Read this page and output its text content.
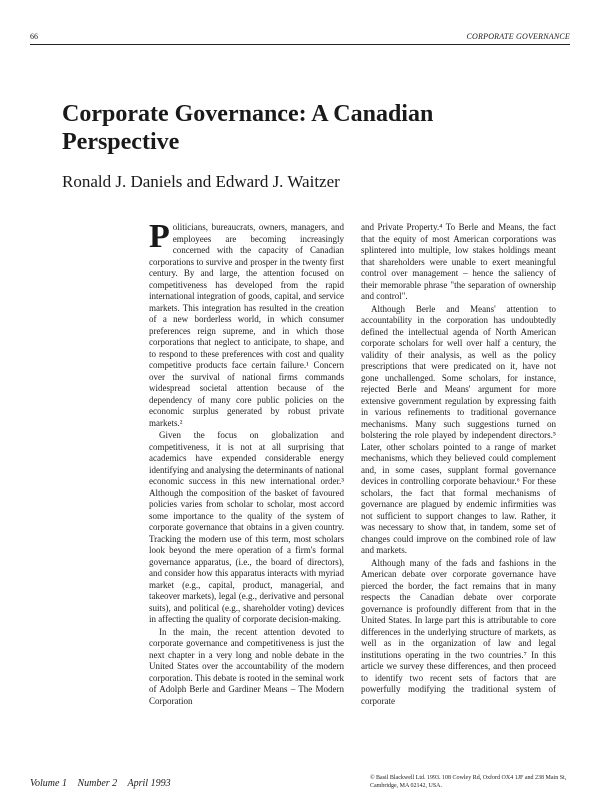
66	CORPORATE GOVERNANCE
Corporate Governance: A Canadian Perspective
Ronald J. Daniels and Edward J. Waitzer

Politicians, bureaucrats, owners, managers, and employees are becoming increasingly concerned with the capacity of Canadian corporations to survive and prosper in the twenty first century. By and large, the attention focused on competitiveness has developed from the rapid international integration of goods, capital, and service markets. This integration has resulted in the creation of a new borderless world, in which consumer preferences reign supreme, and in which those corporations that neglect to anticipate, to shape, and to respond to these preferences with cost and quality competitive products face certain failure.¹ Concern over the survival of national firms commands widespread societal attention because of the dependency of many core public policies on the economic surplus generated by robust private markets.²

Given the focus on globalization and competitiveness, it is not at all surprising that academics have expended considerable energy identifying and analysing the determinants of national economic success in this new international order.³ Although the composition of the basket of favoured policies varies from scholar to scholar, most accord some importance to the quality of the system of corporate governance that obtains in a given country. Tracking the modern use of this term, most scholars look beyond the mere operation of a firm's formal governance apparatus, (i.e., the board of directors), and consider how this apparatus interacts with myriad market (e.g., capital, product, managerial, and takeover markets), legal (e.g., derivative and personal suits), and political (e.g., shareholder voting) devices in affecting the quality of corporate decision-making.

In the main, the recent attention devoted to corporate governance and competitiveness is just the next chapter in a very long and noble debate in the United States over the accountability of the modern corporation. This debate is rooted in the seminal work of Adolph Berle and Gardiner Means – The Modern Corporation

and Private Property.⁴ To Berle and Means, the fact that the equity of most American corporations was splintered into multiple, low stakes holdings meant that shareholders were unable to exert meaningful control over management – hence the saliency of their memorable phrase "the separation of ownership and control".

Although Berle and Means' attention to accountability in the corporation has undoubtedly defined the intellectual agenda of North American corporate scholars for well over half a century, the validity of their analysis, as well as the policy prescriptions that were predicated on it, have not gone unchallenged. Some scholars, for instance, rejected Berle and Means' argument for more extensive government regulation by expressing faith in various refinements to traditional governance mechanisms. Many such suggestions turned on bolstering the role played by independent directors.⁵ Later, other scholars pointed to a range of market mechanisms, which they believed could complement and, in some cases, supplant formal governance devices in controlling corporate behaviour.⁶ For these scholars, the fact that formal mechanisms of governance are plagued by endemic infirmities was not sufficient to support changes to law. Rather, it was necessary to show that, in tandem, some set of changes could improve on the combined role of law and markets.

Although many of the fads and fashions in the American debate over corporate governance have pierced the border, the fact remains that in many respects the Canadian debate over corporate governance is profoundly different from that in the United States. In large part this is attributable to core differences in the underlying structure of markets, as well as in the organization of law and legal institutions operating in the two countries.⁷ In this article we survey these differences, and then proceed to identify two recent sets of factors that are powerfully modifying the traditional system of corporate

Volume 1 Number 2 April 1993	© Basil Blackwell Ltd. 1993. 108 Cowley Rd, Oxford OX4 1JF and 238 Main St, Cambridge, MA 02142, USA.
